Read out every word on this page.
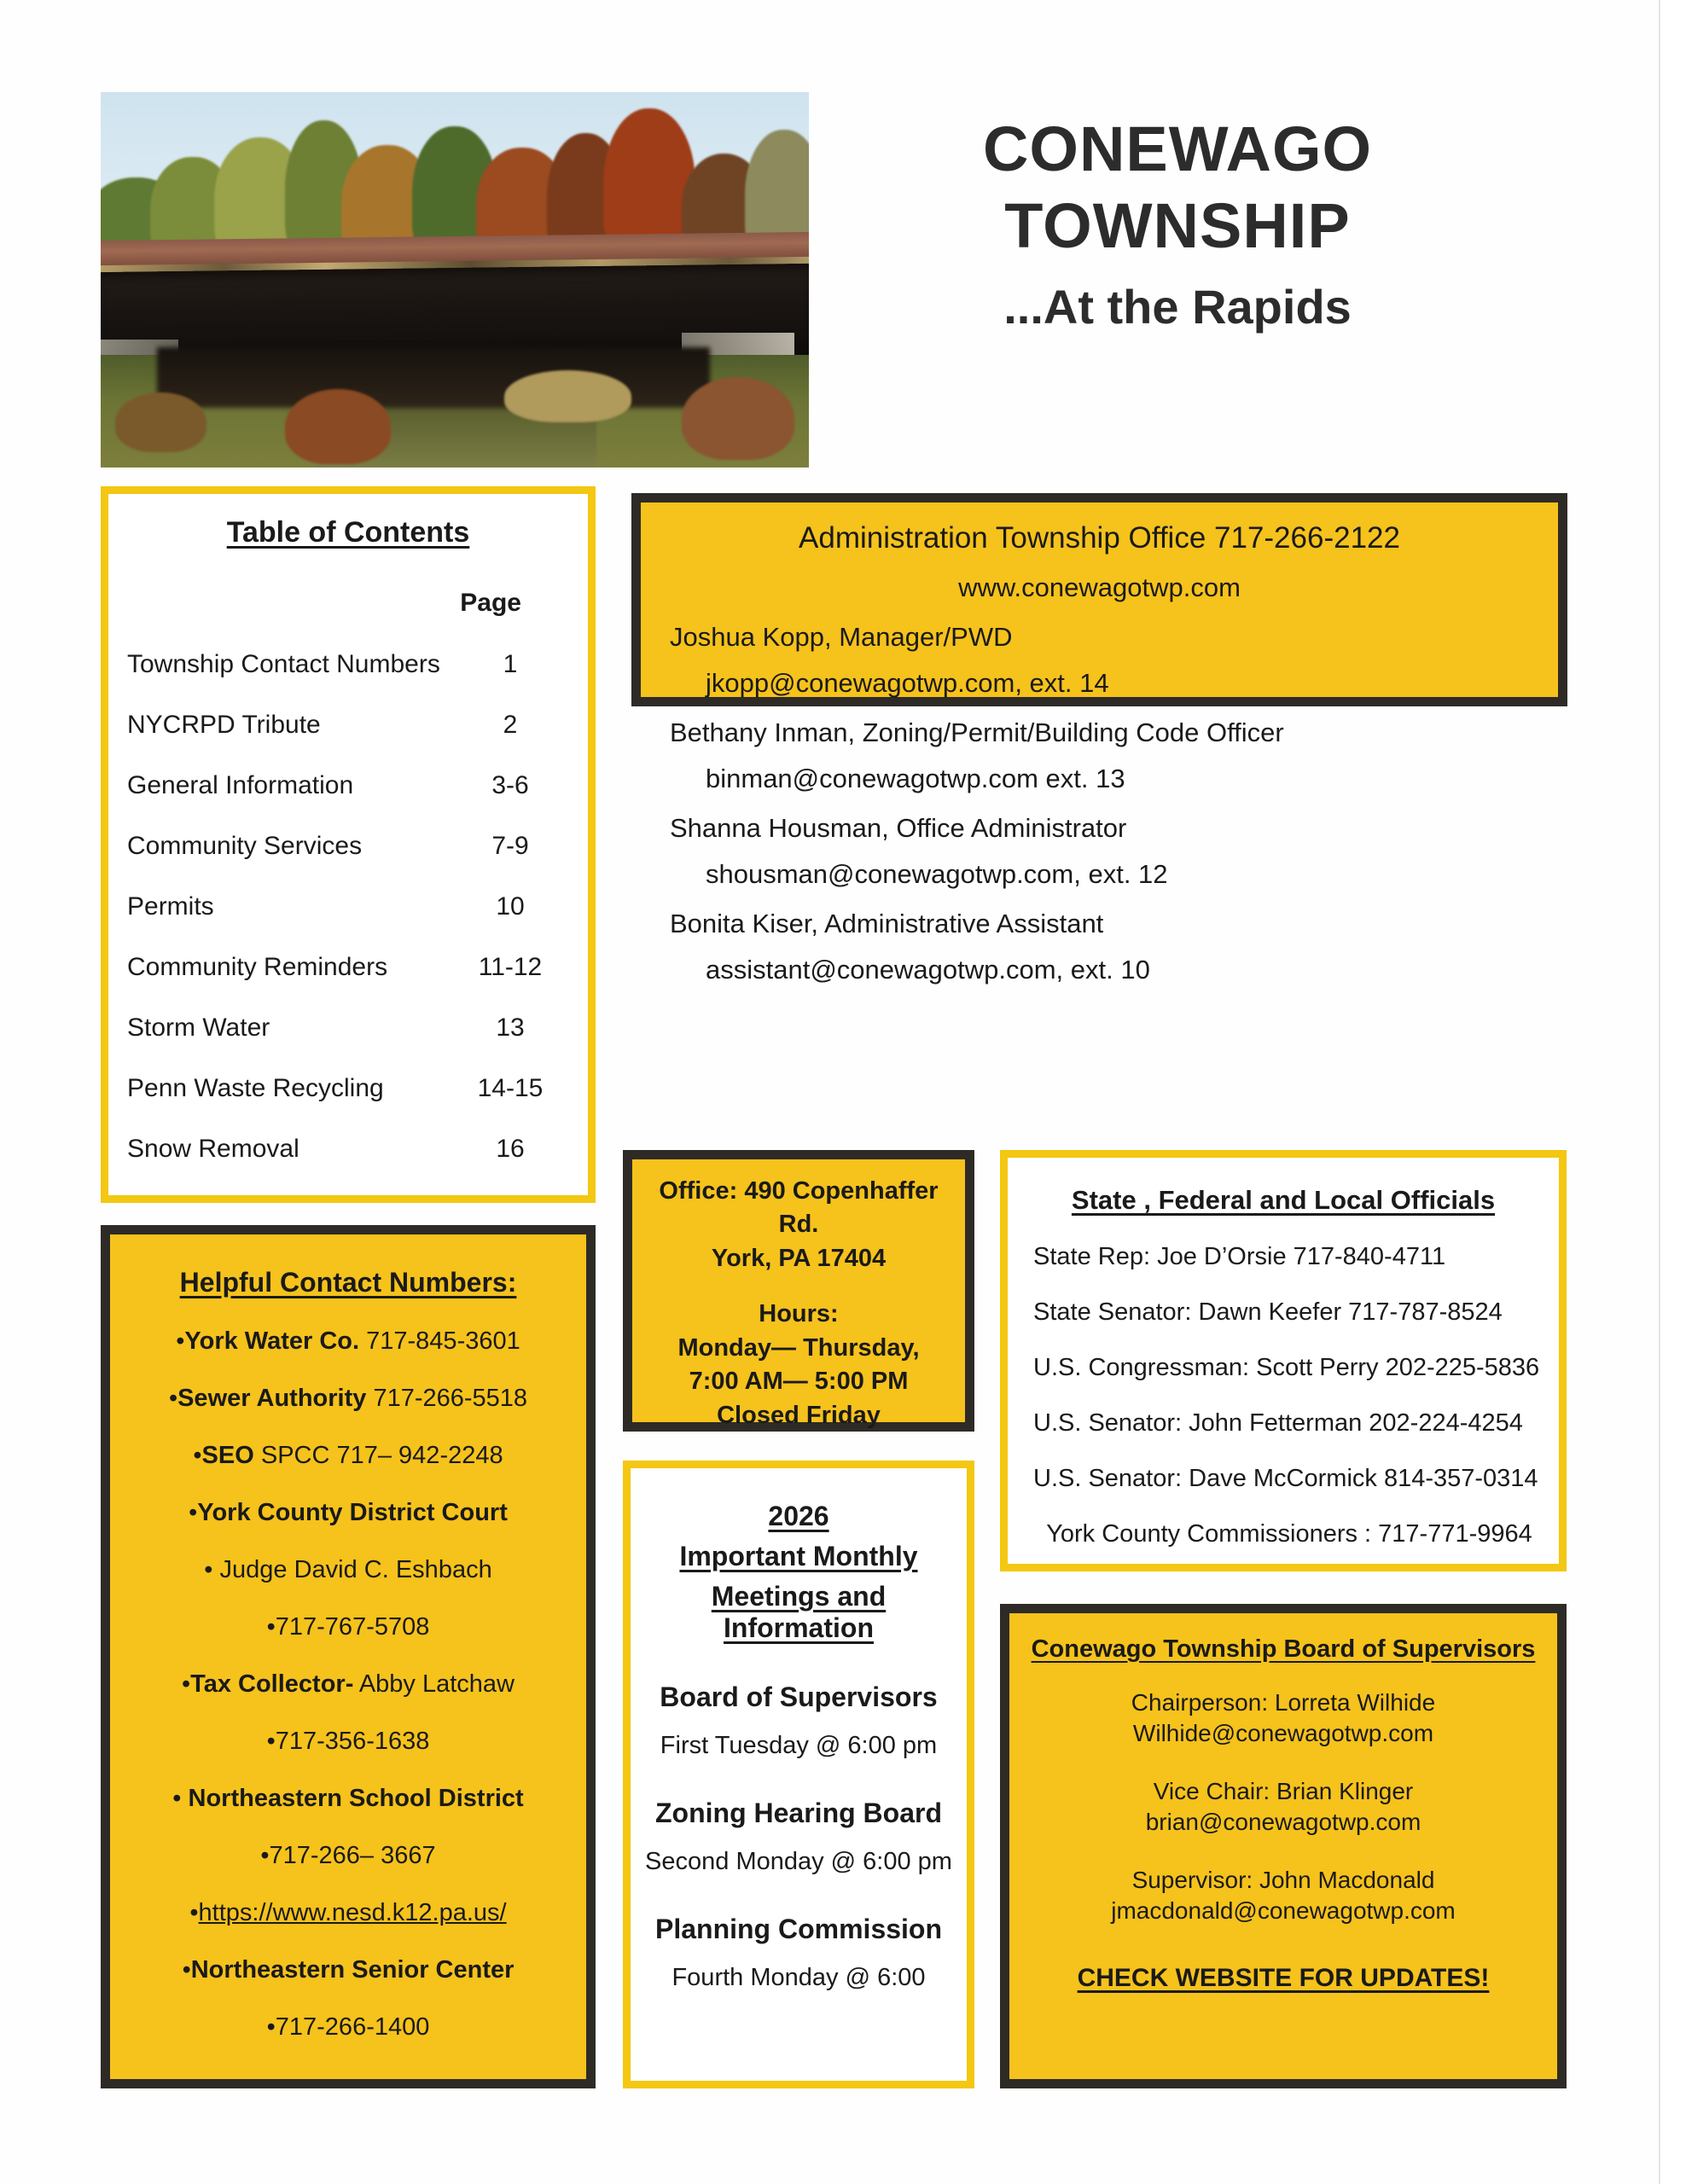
CONEWAGO
TOWNSHIP
...At the Rapids
Table of Contents
Page
Township Contact Numbers	1
NYCRPD Tribute	2
General Information	3-6
Community Services	7-9
Permits	10
Community Reminders	11-12
Storm Water	13
Penn Waste Recycling	14-15
Snow Removal	16
Administration Township Office 717-266-2122
www.conewagotwp.com
Joshua Kopp, Manager/PWD
jkopp@conewagotwp.com, ext. 14
Bethany Inman, Zoning/Permit/Building Code Officer
binman@conewagotwp.com ext. 13
Shanna Housman, Office Administrator
shousman@conewagotwp.com, ext. 12
Bonita Kiser, Administrative Assistant
assistant@conewagotwp.com, ext. 10
Helpful Contact Numbers:
•York Water Co. 717-845-3601
•Sewer Authority 717-266-5518
•SEO SPCC 717– 942-2248
•York County District Court
• Judge David C. Eshbach
•717-767-5708
•Tax Collector- Abby Latchaw
•717-356-1638
• Northeastern School District
•717-266– 3667
•https://www.nesd.k12.pa.us/
•Northeastern Senior Center
•717-266-1400
Office: 490 Copenhaffer Rd.
York, PA 17404
Hours:
Monday— Thursday,
7:00 AM— 5:00 PM
Closed Friday
2026
Important Monthly
Meetings and Information
Board of Supervisors
First Tuesday @ 6:00 pm
Zoning Hearing Board
Second Monday @ 6:00 pm
Planning Commission
Fourth Monday @ 6:00
State , Federal and Local Officials
State Rep: Joe D’Orsie 717-840-4711
State Senator: Dawn Keefer 717-787-8524
U.S. Congressman: Scott Perry 202-225-5836
U.S. Senator: John Fetterman 202-224-4254
U.S. Senator: Dave McCormick 814-357-0314
York County Commissioners : 717-771-9964
Conewago Township Board of Supervisors
Chairperson: Lorreta Wilhide
Wilhide@conewagotwp.com
Vice Chair: Brian Klinger
brian@conewagotwp.com
Supervisor: John Macdonald
jmacdonald@conewagotwp.com
CHECK WEBSITE FOR UPDATES!
